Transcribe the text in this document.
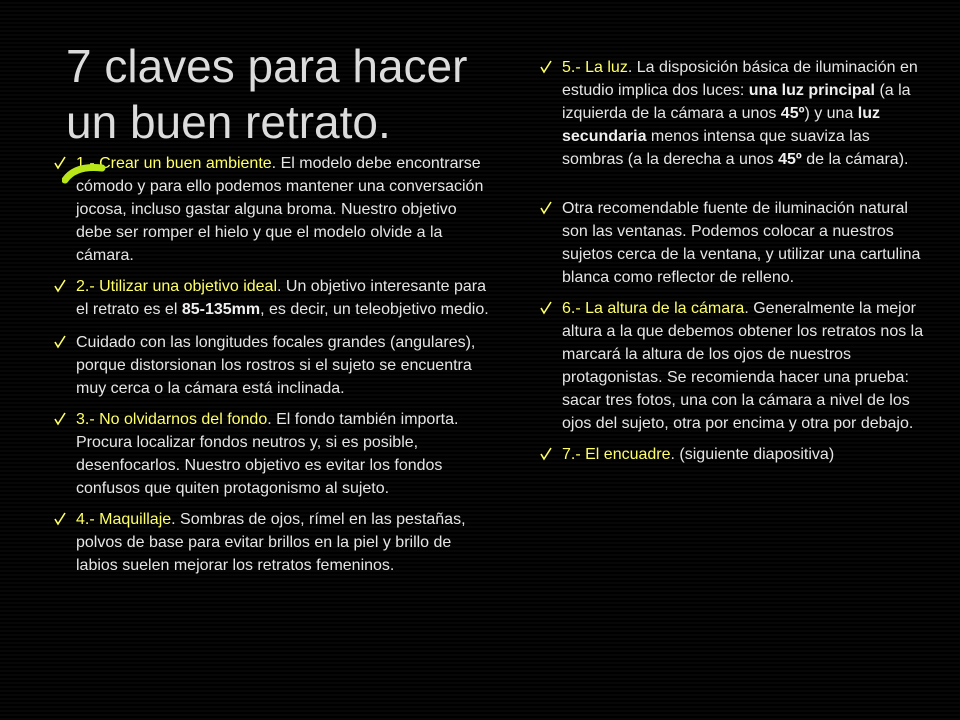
7 claves para hacer un buen retrato.

1.- Crear un buen ambiente. El modelo debe encontrarse cómodo y para ello podemos mantener una conversación jocosa, incluso gastar alguna broma. Nuestro objetivo debe ser romper el hielo y que el modelo olvide a la cámara.

2.- Utilizar una objetivo ideal. Un objetivo interesante para el retrato es el 85-135mm, es decir, un teleobjetivo medio.

Cuidado con las longitudes focales grandes (angulares), porque distorsionan los rostros si el sujeto se encuentra muy cerca o la cámara está inclinada.

3.- No olvidarnos del fondo. El fondo también importa. Procura localizar fondos neutros y, si es posible, desenfocarlos. Nuestro objetivo es evitar los fondos confusos que quiten protagonismo al sujeto.

4.- Maquillaje. Sombras de ojos, rímel en las pestañas, polvos de base para evitar brillos en la piel y brillo de labios suelen mejorar los retratos femeninos.

5.- La luz. La disposición básica de iluminación en estudio implica dos luces: una luz principal (a la izquierda de la cámara a unos 45º) y una luz secundaria menos intensa que suaviza las sombras (a la derecha a unos 45º de la cámara).

Otra recomendable fuente de iluminación natural son las ventanas. Podemos colocar a nuestros sujetos cerca de la ventana, y utilizar una cartulina blanca como reflector de relleno.

6.- La altura de la cámara. Generalmente la mejor altura a la que debemos obtener los retratos nos la marcará la altura de los ojos de nuestros protagonistas. Se recomienda hacer una prueba: sacar tres fotos, una con la cámara a nivel de los ojos del sujeto, otra por encima y otra por debajo.

7.- El encuadre. (siguiente diapositiva)
